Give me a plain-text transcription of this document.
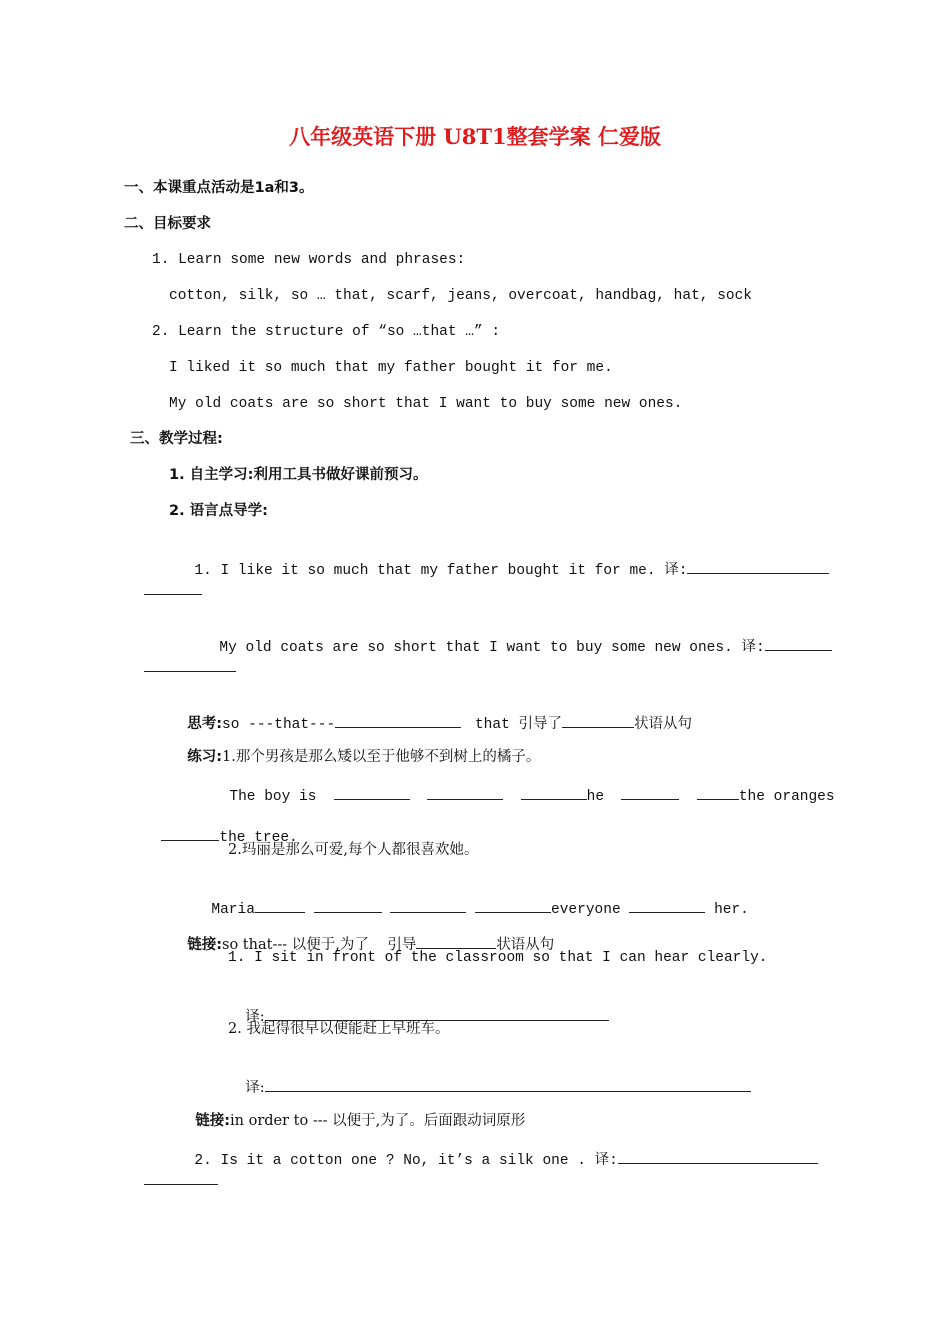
八年级英语下册 U8T1整套学案 仁爱版
一、本课重点活动是1a和3。
二、目标要求
1. Learn some new words and phrases:
cotton, silk, so … that, scarf, jeans, overcoat, handbag, hat, sock
2. Learn the structure of “so …that …” :
I liked it so much that my father bought it for me.
My old coats are so short that I want to buy some new ones.
三、教学过程:
1. 自主学习:利用工具书做好课前预习。
2. 语言点导学:

1. I like it so much that my father bought it for me. 译:

My old coats are so short that I want to buy some new ones. 译:

思考:so ---that---	that 引导了	状语从句

练习:1.那个男孩是那么矮以至于他够不到树上的橘子。

The boy is	he	the oranges

the tree.

2.玛丽是那么可爱,每个人都很喜欢她。

Maria	everyone	her.

链接:so that--- 以便于,为了 引导	状语从句

1. I sit in front of the classroom so that I can hear clearly.

译:

2. 我起得很早以便能赶上早班车。

译:

链接:in order to --- 以便于,为了。后面跟动词原形

2. Is it a cotton one ? No, it’s a silk one . 译:
